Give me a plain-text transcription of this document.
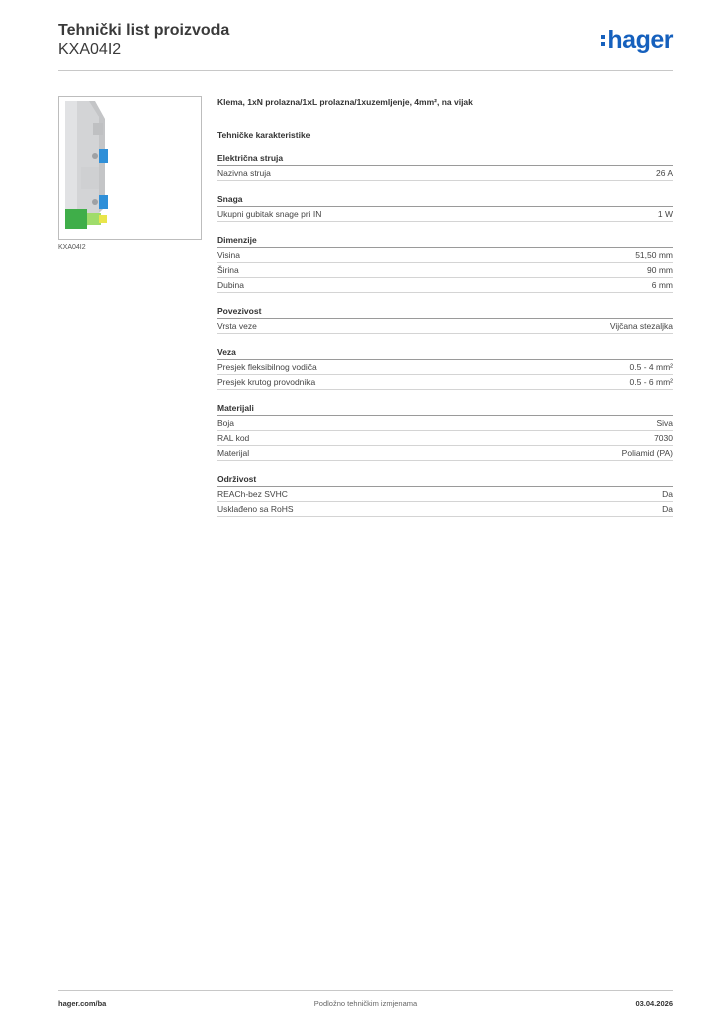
Tehnički list proizvoda
KXA04I2	hager
KXA04I2
Klema, 1xN prolazna/1xL prolazna/1xuzemljenje, 4mm², na vijak
Tehničke karakteristike
Električna struja
Nazivna struja	26 A
Snaga
Ukupni gubitak snage pri IN	1 W
Dimenzije
Visina	51,50 mm
Širina	90 mm
Dubina	6 mm
Povezivost
Vrsta veze	Vijčana stezaljka
Veza
Presjek fleksibilnog vodiča	0.5 - 4 mm²
Presjek krutog provodnika	0.5 - 6 mm²
Materijali
Boja	Siva
RAL kod	7030
Materijal	Poliamid (PA)
Održivost
REACh-bez SVHC	Da
Usklađeno sa RoHS	Da
hager.com/ba	Podložno tehničkim izmjenama	03.04.2026
